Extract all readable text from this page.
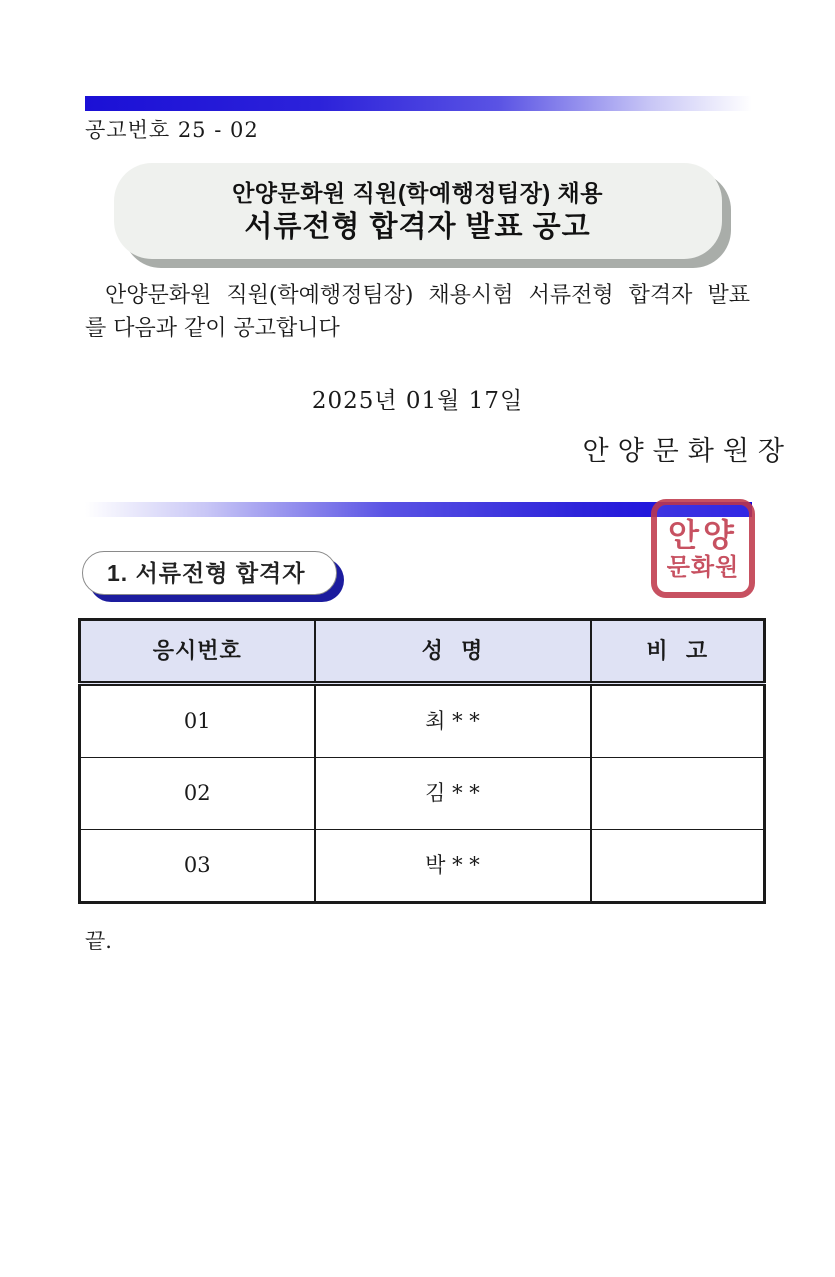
공고번호 25 - 02
안양문화원 직원(학예행정팀장) 채용
서류전형 합격자 발표 공고
안양문화원 직원(학예행정팀장) 채용시험 서류전형 합격자 발표
를 다음과 같이 공고합니다
2025년 01월 17일
안양문화원장
안양
문화원
1. 서류전형 합격자
응시번호	성  명	비  고
01	최 * *	
02	김 * *	
03	박 * *	
끝.
